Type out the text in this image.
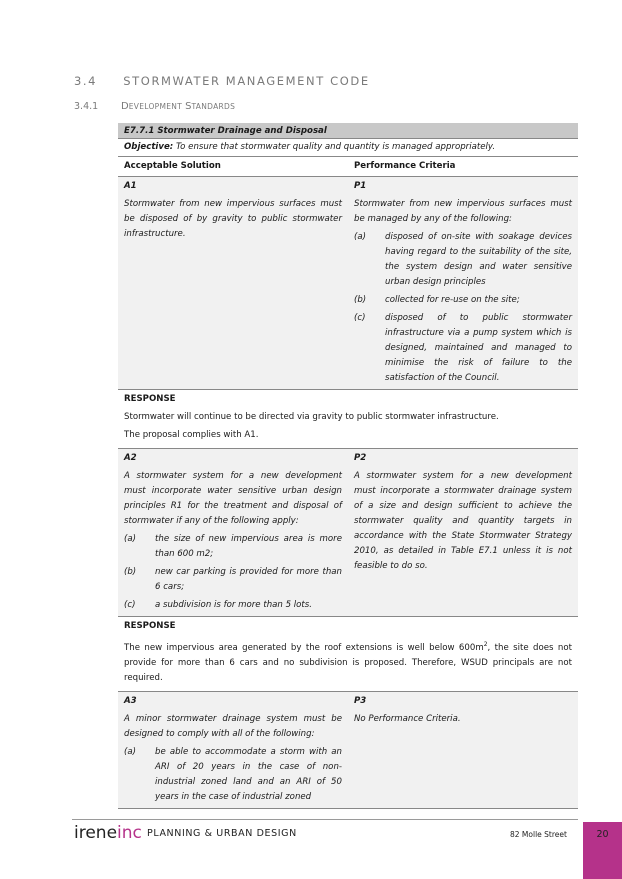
3.4 STORMWATER MANAGEMENT CODE
3.4.1 DEVELOPMENT STANDARDS
E7.7.1 Stormwater Drainage and Disposal
Objective: To ensure that stormwater quality and quantity is managed appropriately.
Acceptable Solution	Performance Criteria
A1
Stormwater from new impervious surfaces must be disposed of by gravity to public stormwater infrastructure.
P1
Stormwater from new impervious surfaces must be managed by any of the following:
(a)	disposed of on-site with soakage devices having regard to the suitability of the site, the system design and water sensitive urban design principles
(b)	collected for re-use on the site;
(c)	disposed of to public stormwater infrastructure via a pump system which is designed, maintained and managed to minimise the risk of failure to the satisfaction of the Council.
RESPONSE

Stormwater will continue to be directed via gravity to public stormwater infrastructure.

The proposal complies with A1.

A2
A stormwater system for a new development must incorporate water sensitive urban design principles R1 for the treatment and disposal of stormwater if any of the following apply:
(a)	the size of new impervious area is more than 600 m2;
(b)	new car parking is provided for more than 6 cars;
(c)	a subdivision is for more than 5 lots.
P2
A stormwater system for a new development must incorporate a stormwater drainage system of a size and design sufficient to achieve the stormwater quality and quantity targets in accordance with the State Stormwater Strategy 2010, as detailed in Table E7.1 unless it is not feasible to do so.
RESPONSE

The new impervious area generated by the roof extensions is well below $600m^2$, the site does not provide for more than 6 cars and no subdivision is proposed. Therefore, WSUD principals are not required.

A3
A minor stormwater drainage system must be designed to comply with all of the following:
(a)	be able to accommodate a storm with an ARI of 20 years in the case of non-industrial zoned land and an ARI of 50 years in the case of industrial zoned
P3
No Performance Criteria.
ireneinc PLANNING & URBAN DESIGN	82 Molle Street	20
